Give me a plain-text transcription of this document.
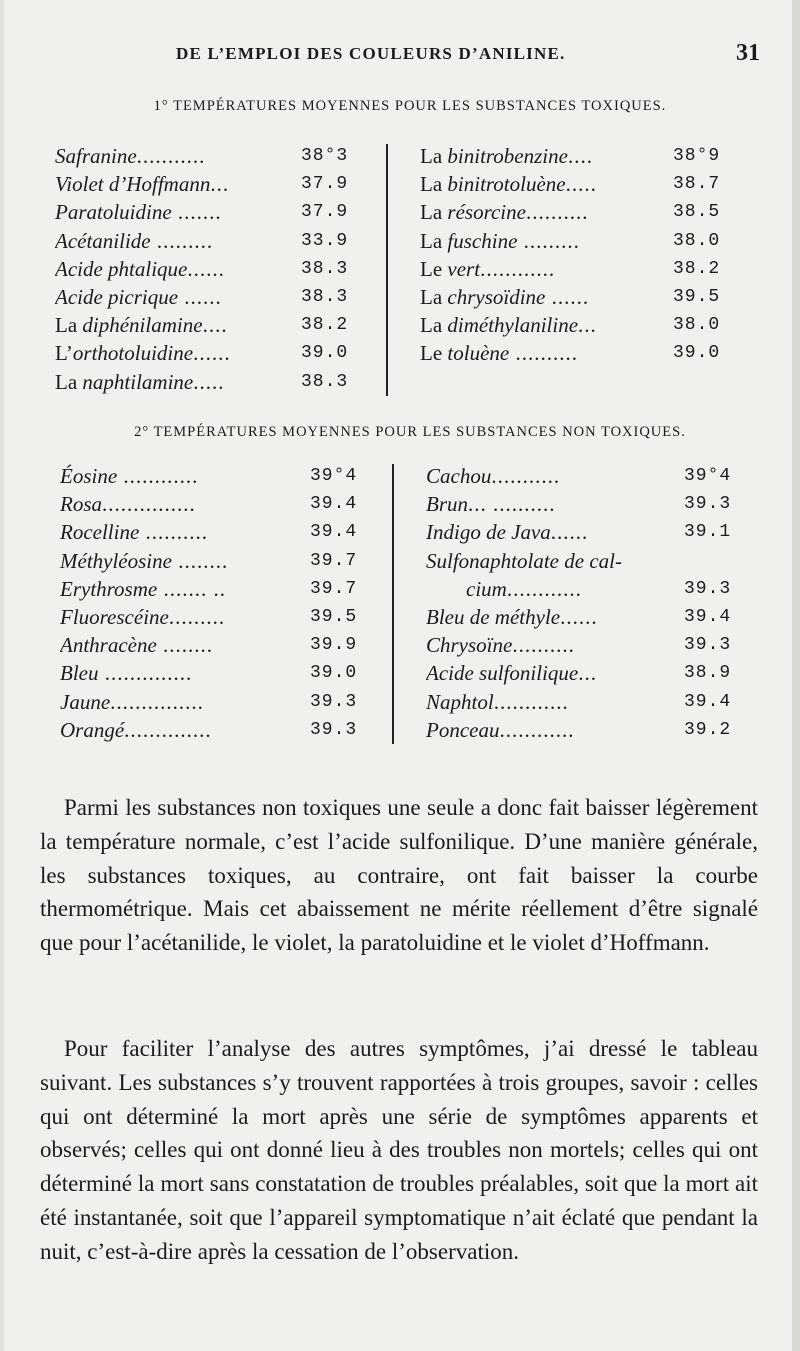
DE L’EMPLOI DES COULEURS D’ANILINE.	31
1° TEMPÉRATURES MOYENNES POUR LES SUBSTANCES TOXIQUES.
Safranine...........	38°3
Violet d’Hoffmann...	37.9
Paratoluidine .......	37.9
Acétanilide .........	33.9
Acide phtalique......	38.3
Acide picrique ......	38.3
La diphénilamine....	38.2
L’orthotoluidine......	39.0
La naphtilamine.....	38.3
La binitrobenzine....	38°9
La binitrotoluène.....	38.7
La résorcine..........	38.5
La fuschine .........	38.0
Le vert............	38.2
La chrysoïdine ......	39.5
La diméthylaniline...	38.0
Le toluène ..........	39.0
2° TEMPÉRATURES MOYENNES POUR LES SUBSTANCES NON TOXIQUES.
Éosine ............	39°4
Rosa...............	39.4
Rocelline ..........	39.4
Méthyléosine ........	39.7
Erythrosme ....... ..	39.7
Fluorescéine.........	39.5
Anthracène ........	39.9
Bleu ..............	39.0
Jaune...............	39.3
Orangé..............	39.3
Cachou...........	39°4
Brun... ..........	39.3
Indigo de Java......	39.1
Sulfonaphtolate de cal-
cium............	39.3
Bleu de méthyle......	39.4
Chrysoïne..........	39.3
Acide sulfonilique...	38.9
Naphtol............	39.4
Ponceau............	39.2

Parmi les substances non toxiques une seule a donc fait baisser légèrement la température normale, c’est l’acide sulfonilique. D’une manière générale, les substances toxiques, au contraire, ont fait baisser la courbe thermométrique. Mais cet abaissement ne mérite réellement d’être signalé que pour l’acétanilide, le violet, la paratoluidine et le violet d’Hoffmann.

Pour faciliter l’analyse des autres symptômes, j’ai dressé le tableau suivant. Les substances s’y trouvent rapportées à trois groupes, savoir : celles qui ont déterminé la mort après une série de symptômes apparents et observés; celles qui ont donné lieu à des troubles non mortels; celles qui ont déterminé la mort sans constatation de troubles préalables, soit que la mort ait été instantanée, soit que l’appareil symptomatique n’ait éclaté que pendant la nuit, c’est-à-dire après la cessation de l’observation.
